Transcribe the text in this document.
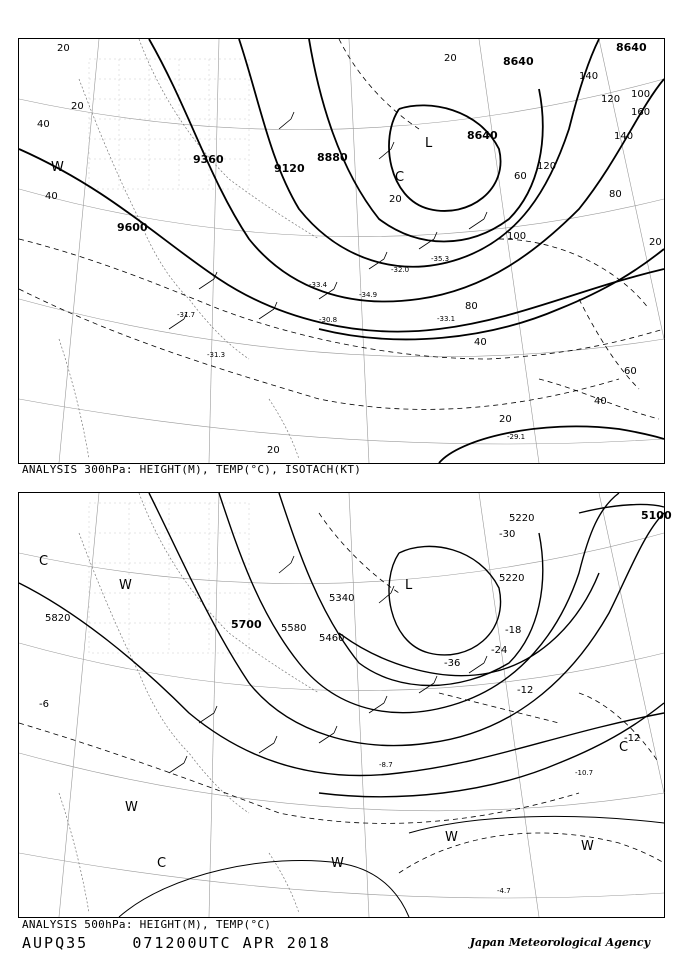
9600
9360
9120
8880
8640
8640
8640
20
20
40
40	20
20
60
80
100
120
140
160
140
120 100
80
60
40
40
20
20
20
-33.4
-31.7
-30.8
-31.3
-34.9
-35.3
-32.0
-33.1
-29.1
L
W
C
ANALYSIS 300hPa: HEIGHT(M), TEMP(°C), ISOTACH(KT)
5820	5700 5580
5460
5340
5220
5220	5100
-6
-12
-12
-36
-30
-18
-24
-10.7
-8.7
-4.7
L
W
W
W
W
W
C
C
C
ANALYSIS 500hPa: HEIGHT(M), TEMP(°C)
AUPQ35	071200UTC APR 2018	Japan Meteorological Agency
